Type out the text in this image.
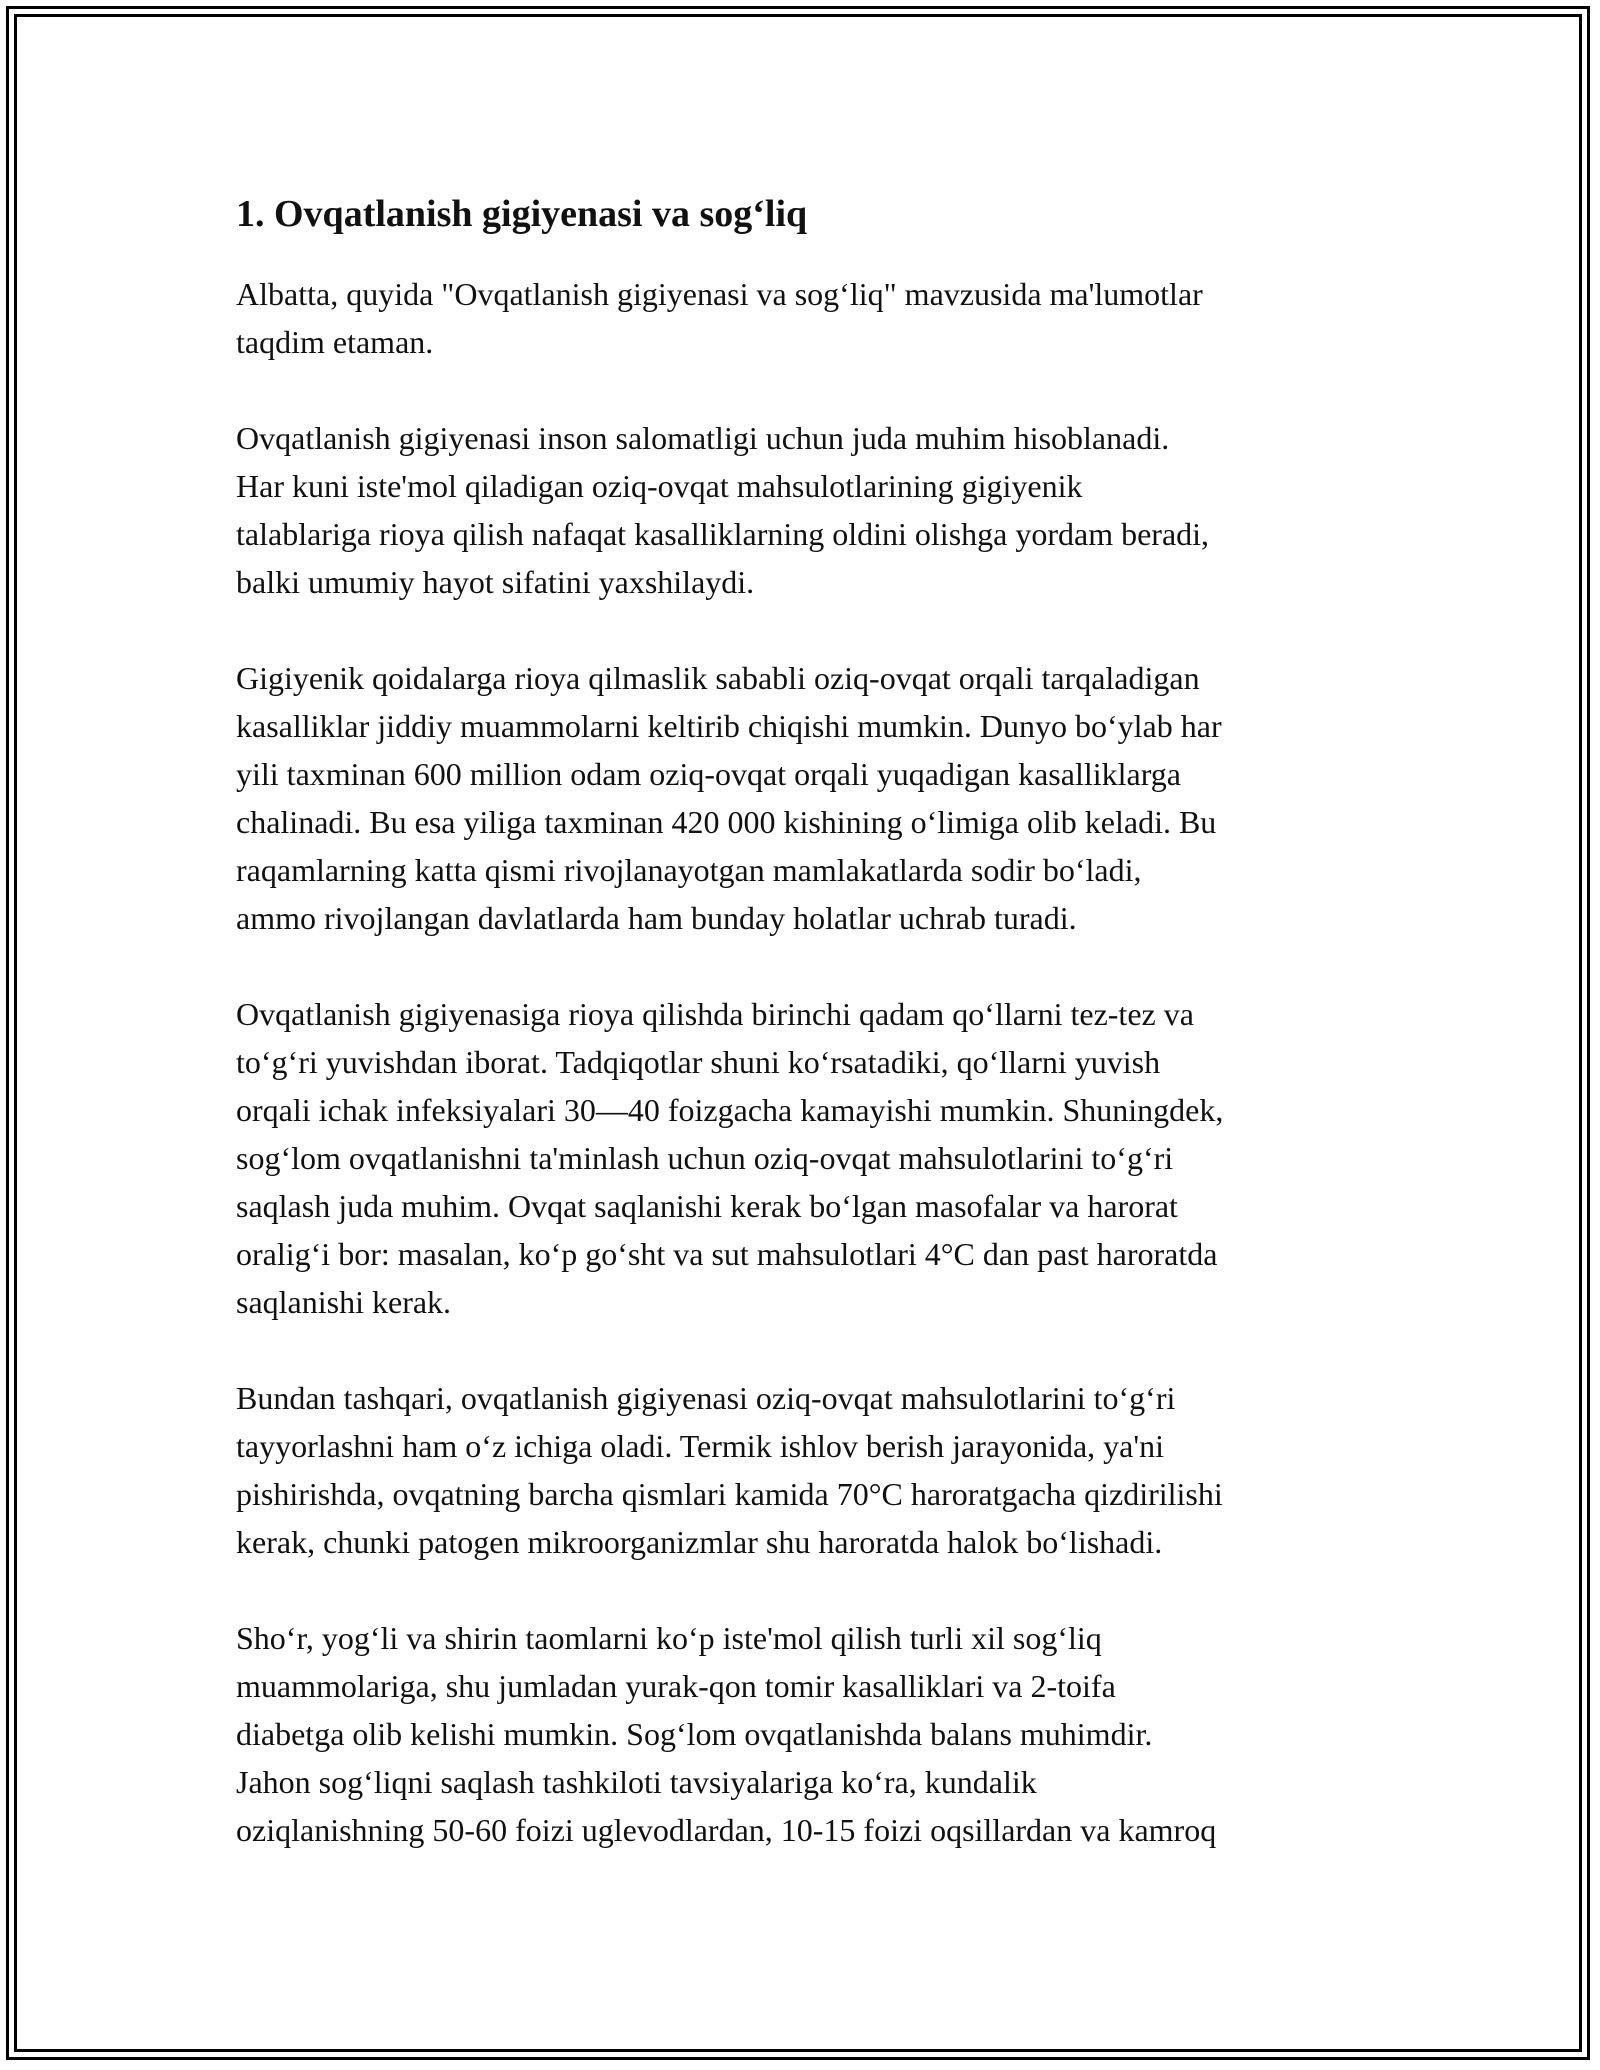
1. Ovqatlanish gigiyenasi va sog‘liq

Albatta, quyida "Ovqatlanish gigiyenasi va sog‘liq" mavzusida ma'lumotlar
taqdim etaman.

Ovqatlanish gigiyenasi inson salomatligi uchun juda muhim hisoblanadi.
Har kuni iste'mol qiladigan oziq-ovqat mahsulotlarining gigiyenik
talablariga rioya qilish nafaqat kasalliklarning oldini olishga yordam beradi,
balki umumiy hayot sifatini yaxshilaydi.

Gigiyenik qoidalarga rioya qilmaslik sababli oziq-ovqat orqali tarqaladigan
kasalliklar jiddiy muammolarni keltirib chiqishi mumkin. Dunyo bo‘ylab har
yili taxminan 600 million odam oziq-ovqat orqali yuqadigan kasalliklarga
chalinadi. Bu esa yiliga taxminan 420 000 kishining o‘limiga olib keladi. Bu
raqamlarning katta qismi rivojlanayotgan mamlakatlarda sodir bo‘ladi,
ammo rivojlangan davlatlarda ham bunday holatlar uchrab turadi.

Ovqatlanish gigiyenasiga rioya qilishda birinchi qadam qo‘llarni tez-tez va
to‘g‘ri yuvishdan iborat. Tadqiqotlar shuni ko‘rsatadiki, qo‘llarni yuvish
orqali ichak infeksiyalari 30—40 foizgacha kamayishi mumkin. Shuningdek,
sog‘lom ovqatlanishni ta'minlash uchun oziq-ovqat mahsulotlarini to‘g‘ri
saqlash juda muhim. Ovqat saqlanishi kerak bo‘lgan masofalar va harorat
oralig‘i bor: masalan, ko‘p go‘sht va sut mahsulotlari 4°C dan past haroratda
saqlanishi kerak.

Bundan tashqari, ovqatlanish gigiyenasi oziq-ovqat mahsulotlarini to‘g‘ri
tayyorlashni ham o‘z ichiga oladi. Termik ishlov berish jarayonida, ya'ni
pishirishda, ovqatning barcha qismlari kamida 70°C haroratgacha qizdirilishi
kerak, chunki patogen mikroorganizmlar shu haroratda halok bo‘lishadi.

Sho‘r, yog‘li va shirin taomlarni ko‘p iste'mol qilish turli xil sog‘liq
muammolariga, shu jumladan yurak-qon tomir kasalliklari va 2-toifa
diabetga olib kelishi mumkin. Sog‘lom ovqatlanishda balans muhimdir.
Jahon sog‘liqni saqlash tashkiloti tavsiyalariga ko‘ra, kundalik
oziqlanishning 50-60 foizi uglevodlardan, 10-15 foizi oqsillardan va kamroq
